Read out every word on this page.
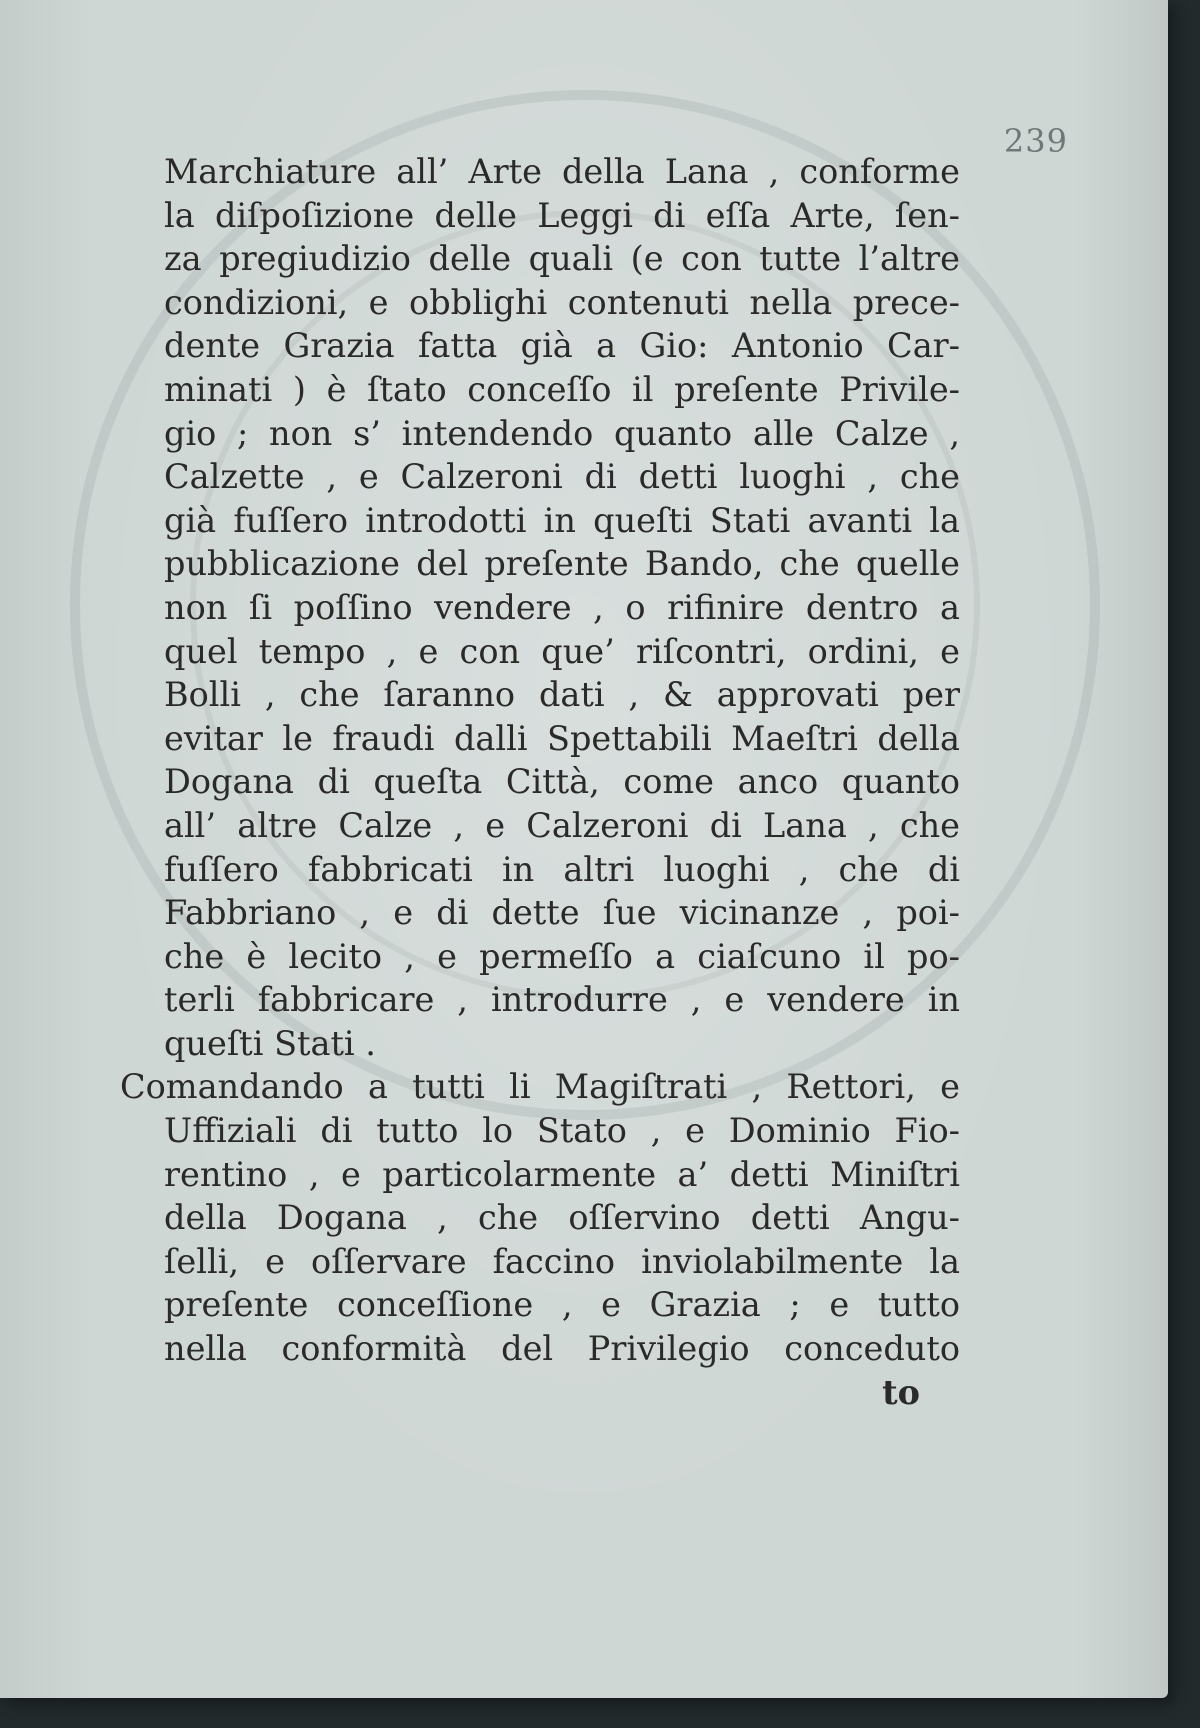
239
Marchiature all’ Arte della Lana , conforme
la diſpoſizione delle Leggi di eſſa Arte, ſen-
za pregiudizio delle quali (e con tutte l’altre
condizioni, e obblighi contenuti nella prece-
dente Grazia fatta già a Gio: Antonio Car-
minati ) è ſtato conceſſo il preſente Privile-
gio ; non s’ intendendo quanto alle Calze ,
Calzette , e Calzeroni di detti luoghi , che
già fuſſero introdotti in queſti Stati avanti la
pubblicazione del preſente Bando, che quelle
non ſi poſſino vendere , o rifinire dentro a
quel tempo , e con que’ riſcontri, ordini, e
Bolli , che ſaranno dati , & approvati per
evitar le fraudi dalli Spettabili Maeſtri della
Dogana di queſta Città, come anco quanto
all’ altre Calze , e Calzeroni di Lana , che
fuſſero fabbricati in altri luoghi , che di
Fabbriano , e di dette ſue vicinanze , poi-
che è lecito , e permeſſo a ciaſcuno il po-
terli fabbricare , introdurre , e vendere in
queſti Stati .
Comandando a tutti li Magiſtrati , Rettori, e
Uffiziali di tutto lo Stato , e Dominio Fio-
rentino , e particolarmente a’ detti Miniſtri
della Dogana , che oſſervino detti Angu-
ſelli, e oſſervare faccino inviolabilmente la
preſente conceſſione , e Grazia ; e tutto
nella conformità del Privilegio conceduto
to
